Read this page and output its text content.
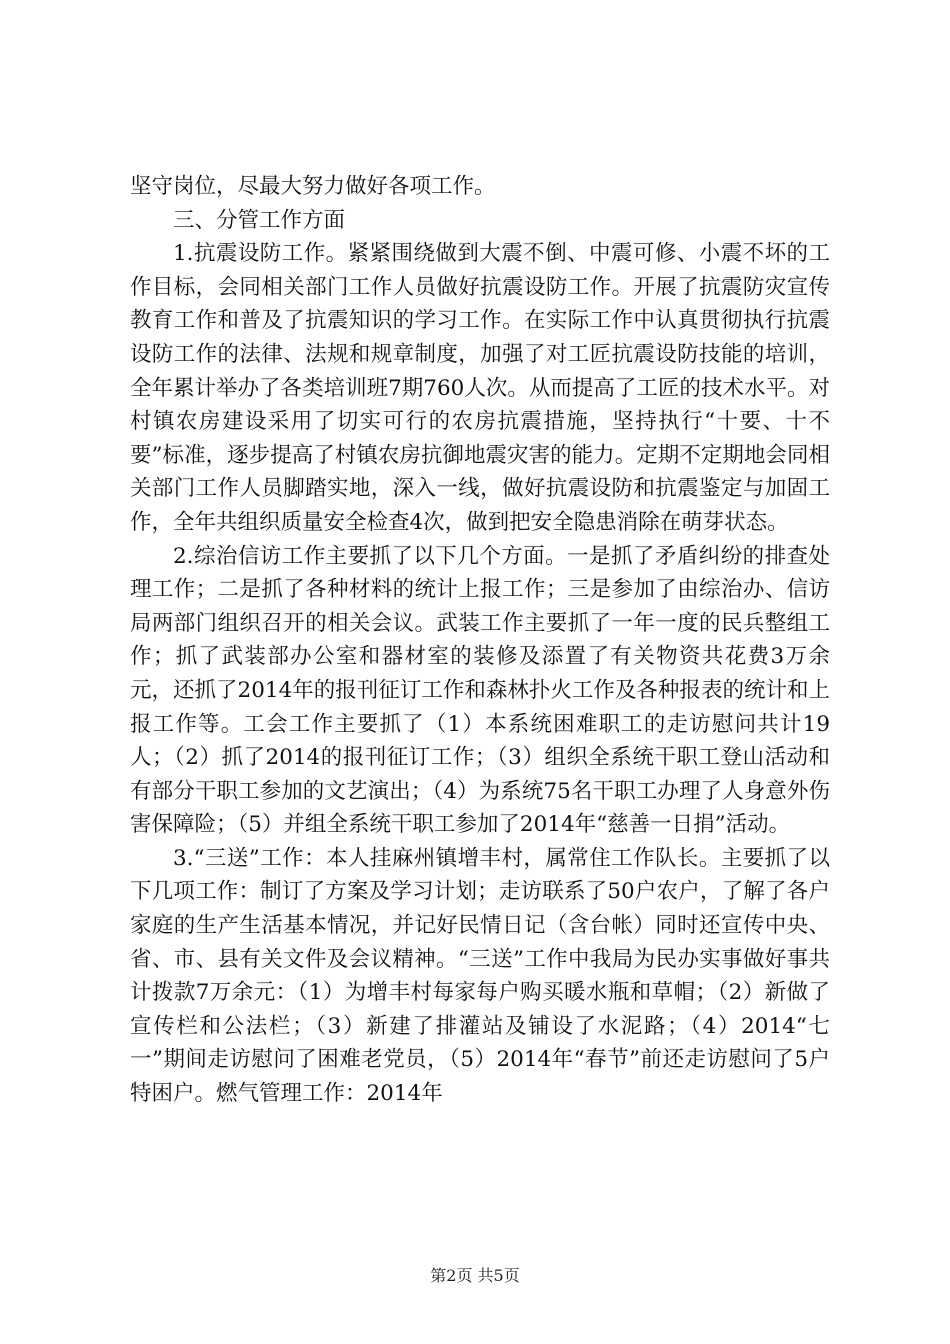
坚守岗位，尽最大努力做好各项工作。

三、分管工作方面

1.抗震设防工作。紧紧围绕做到大震不倒、中震可修、小震不坏的工作目标，会同相关部门工作人员做好抗震设防工作。开展了抗震防灾宣传教育工作和普及了抗震知识的学习工作。在实际工作中认真贯彻执行抗震设防工作的法律、法规和规章制度，加强了对工匠抗震设防技能的培训，全年累计举办了各类培训班7期760人次。从而提高了工匠的技术水平。对村镇农房建设采用了切实可行的农房抗震措施，坚持执行“十要、十不要”标准，逐步提高了村镇农房抗御地震灾害的能力。定期不定期地会同相关部门工作人员脚踏实地，深入一线，做好抗震设防和抗震鉴定与加固工作，全年共组织质量安全检查4次，做到把安全隐患消除在萌芽状态。

2.综治信访工作主要抓了以下几个方面。一是抓了矛盾纠纷的排查处理工作；二是抓了各种材料的统计上报工作；三是参加了由综治办、信访局两部门组织召开的相关会议。武装工作主要抓了一年一度的民兵整组工作；抓了武装部办公室和器材室的装修及添置了有关物资共花费3万余元，还抓了2014年的报刊征订工作和森林扑火工作及各种报表的统计和上报工作等。工会工作主要抓了（1）本系统困难职工的走访慰问共计19人；（2）抓了2014的报刊征订工作；（3）组织全系统干职工登山活动和有部分干职工参加的文艺演出；（4）为系统75名干职工办理了人身意外伤害保障险；（5）并组全系统干职工参加了2014年“慈善一日捐”活动。

3.“三送”工作：本人挂麻州镇增丰村，属常住工作队长。主要抓了以下几项工作：制订了方案及学习计划；走访联系了50户农户，了解了各户家庭的生产生活基本情况，并记好民情日记（含台帐）同时还宣传中央、省、市、县有关文件及会议精神。“三送”工作中我局为民办实事做好事共计拨款7万余元：（1）为增丰村每家每户购买暖水瓶和草帽；（2）新做了宣传栏和公法栏；（3）新建了排灌站及铺设了水泥路；（4）2014“七一”期间走访慰问了困难老党员，（5）2014年“春节”前还走访慰问了5户特困户。燃气管理工作：2014年

第2页 共5页
